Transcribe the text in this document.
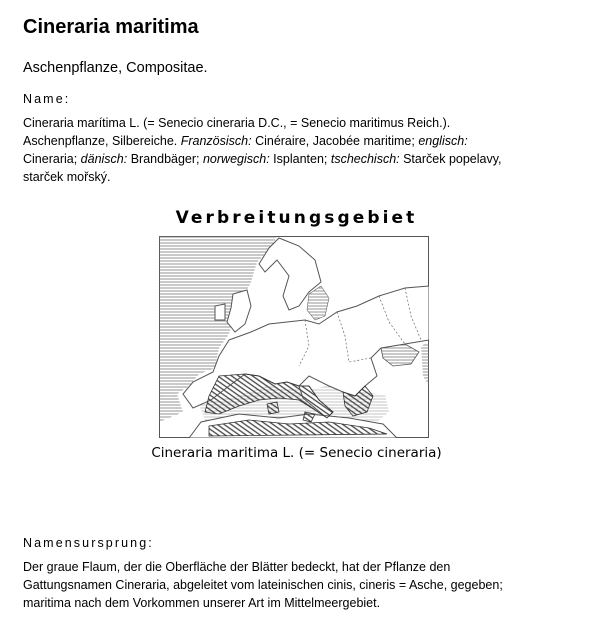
Cineraria maritima
Aschenpflanze, Compositae.
Name:
Cineraria marítima L. (= Senecio cineraria D.C., = Senecio maritimus Reich.).
Aschenpflanze, Silbereiche. Französisch: Cinéraire, Jacobée maritime; englisch:
Cineraria; dänisch: Brandbäger; norwegisch: Isplanten; tschechisch: Starček popelavy,
starček mořský.
Verbreitungsgebiet
Cineraria maritima L. (= Senecio cineraria)
Namensursprung:
Der graue Flaum, der die Oberfläche der Blätter bedeckt, hat der Pflanze den
Gattungsnamen Cineraria, abgeleitet vom lateinischen cinis, cineris = Asche, gegeben;
maritima nach dem Vorkommen unserer Art im Mittelmeergebiet.
